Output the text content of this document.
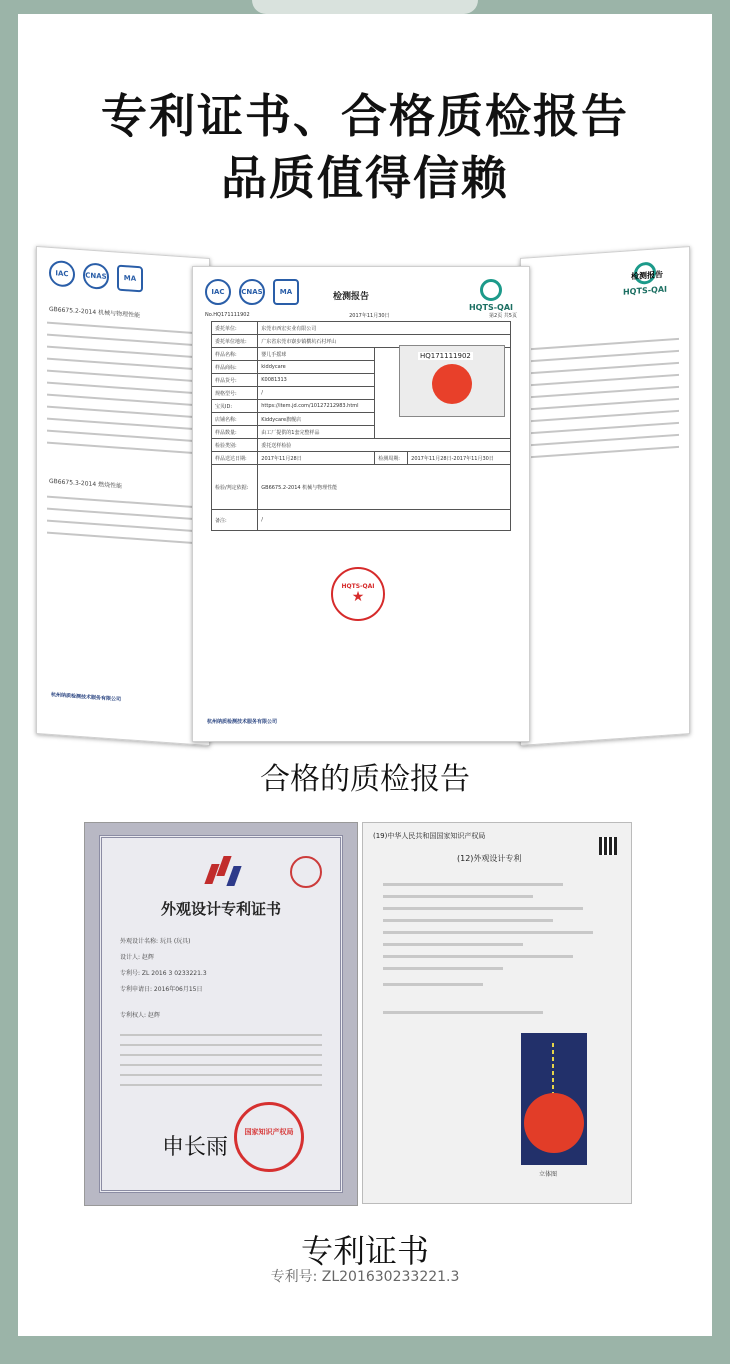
专利证书、合格质检报告
品质值得信赖
IAC	CNAS	MA
GB6675.2-2014 机械与物理性能
GB6675.3-2014 燃烧性能
杭州纳质检测技术服务有限公司
HQTS-QAI
检测报告
IAC	CNAS	MA	检测报告
HQTS-QAI
No.HQ171111902	2017年11月30日	第2页 共5页
委托单位:	东莞市西宏实业有限公司		
委托单位地址:	广东省东莞市寮步镇横坑石村坪山		
样品名称:	婴儿手摇球		
样品商标:	kiddycare		
样品货号:	K0081313		
规格型号:	/		
宝贝ID:	https://item.jd.com/10127212983.html		
店铺名称:	Kiddycare旗舰店		
样品数量:	由工厂提供的1套完整样品		
检验类别:	委托送样检验		
样品送达日期:	2017年11月28日	检测周期:	2017年11月28日-2017年11月30日
检验/判定依据:	GB6675.2-2014 机械与物理性能		
备注:	/		
HQ171111902
HQTS-QAI
★
杭州纳质检测技术服务有限公司
合格的质检报告
外观设计专利证书
外观设计名称: 玩具 (玩具)
设计人: 赵辉
专利号: ZL 2016 3 0233221.3
专利申请日: 2016年06月15日
专利权人: 赵辉
国家知识产权局
申长雨
(19)中华人民共和国国家知识产权局
(12)外观设计专利
立体图
专利证书
专利号: ZL201630233221.3
